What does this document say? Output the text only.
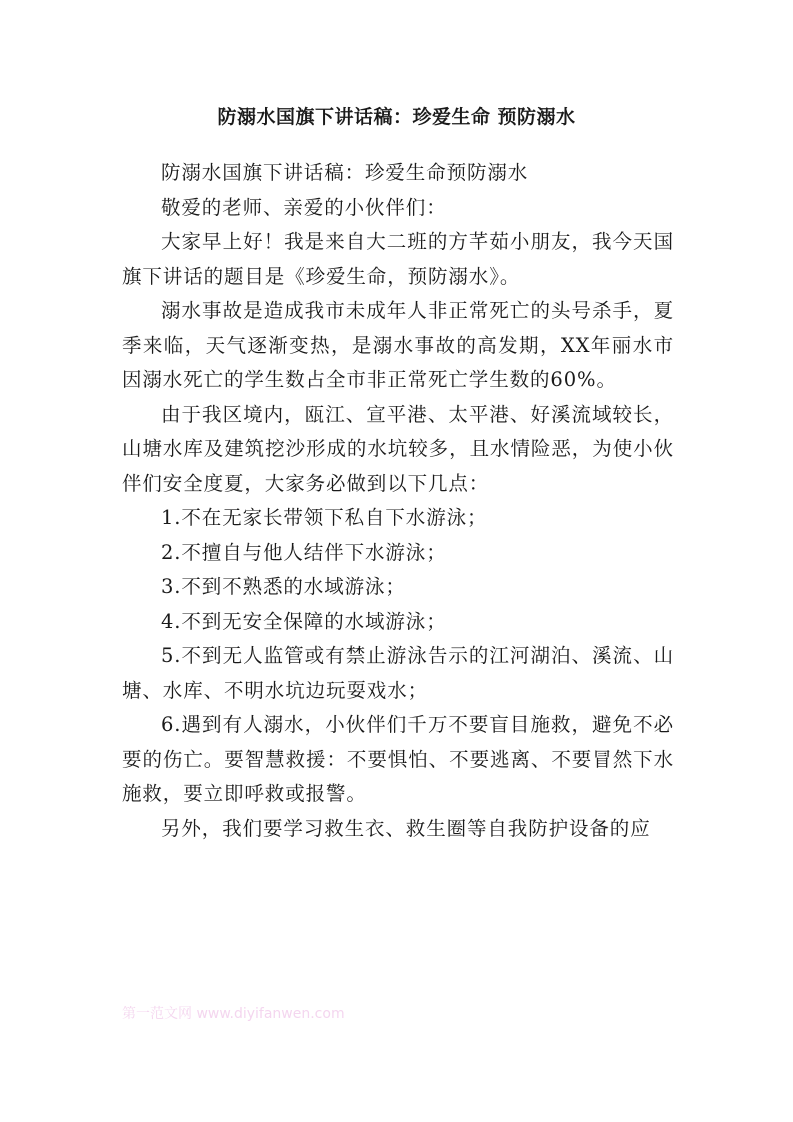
防溺水国旗下讲话稿：珍爱生命 预防溺水

防溺水国旗下讲话稿：珍爱生命预防溺水

敬爱的老师、亲爱的小伙伴们：

大家早上好！我是来自大二班的方芊茹小朋友，我今天国旗下讲话的题目是《珍爱生命，预防溺水》。

溺水事故是造成我市未成年人非正常死亡的头号杀手，夏季来临，天气逐渐变热，是溺水事故的高发期，XX年丽水市因溺水死亡的学生数占全市非正常死亡学生数的60%。

由于我区境内，瓯江、宣平港、太平港、好溪流域较长，山塘水库及建筑挖沙形成的水坑较多，且水情险恶，为使小伙伴们安全度夏，大家务必做到以下几点：

1.不在无家长带领下私自下水游泳；

2.不擅自与他人结伴下水游泳；

3.不到不熟悉的水域游泳；

4.不到无安全保障的水域游泳；

5.不到无人监管或有禁止游泳告示的江河湖泊、溪流、山塘、水库、不明水坑边玩耍戏水；

6.遇到有人溺水，小伙伴们千万不要盲目施救，避免不必要的伤亡。要智慧救援：不要惧怕、不要逃离、不要冒然下水施救，要立即呼救或报警。

另外，我们要学习救生衣、救生圈等自我防护设备的应

第一范文网 www.diyifanwen.com
